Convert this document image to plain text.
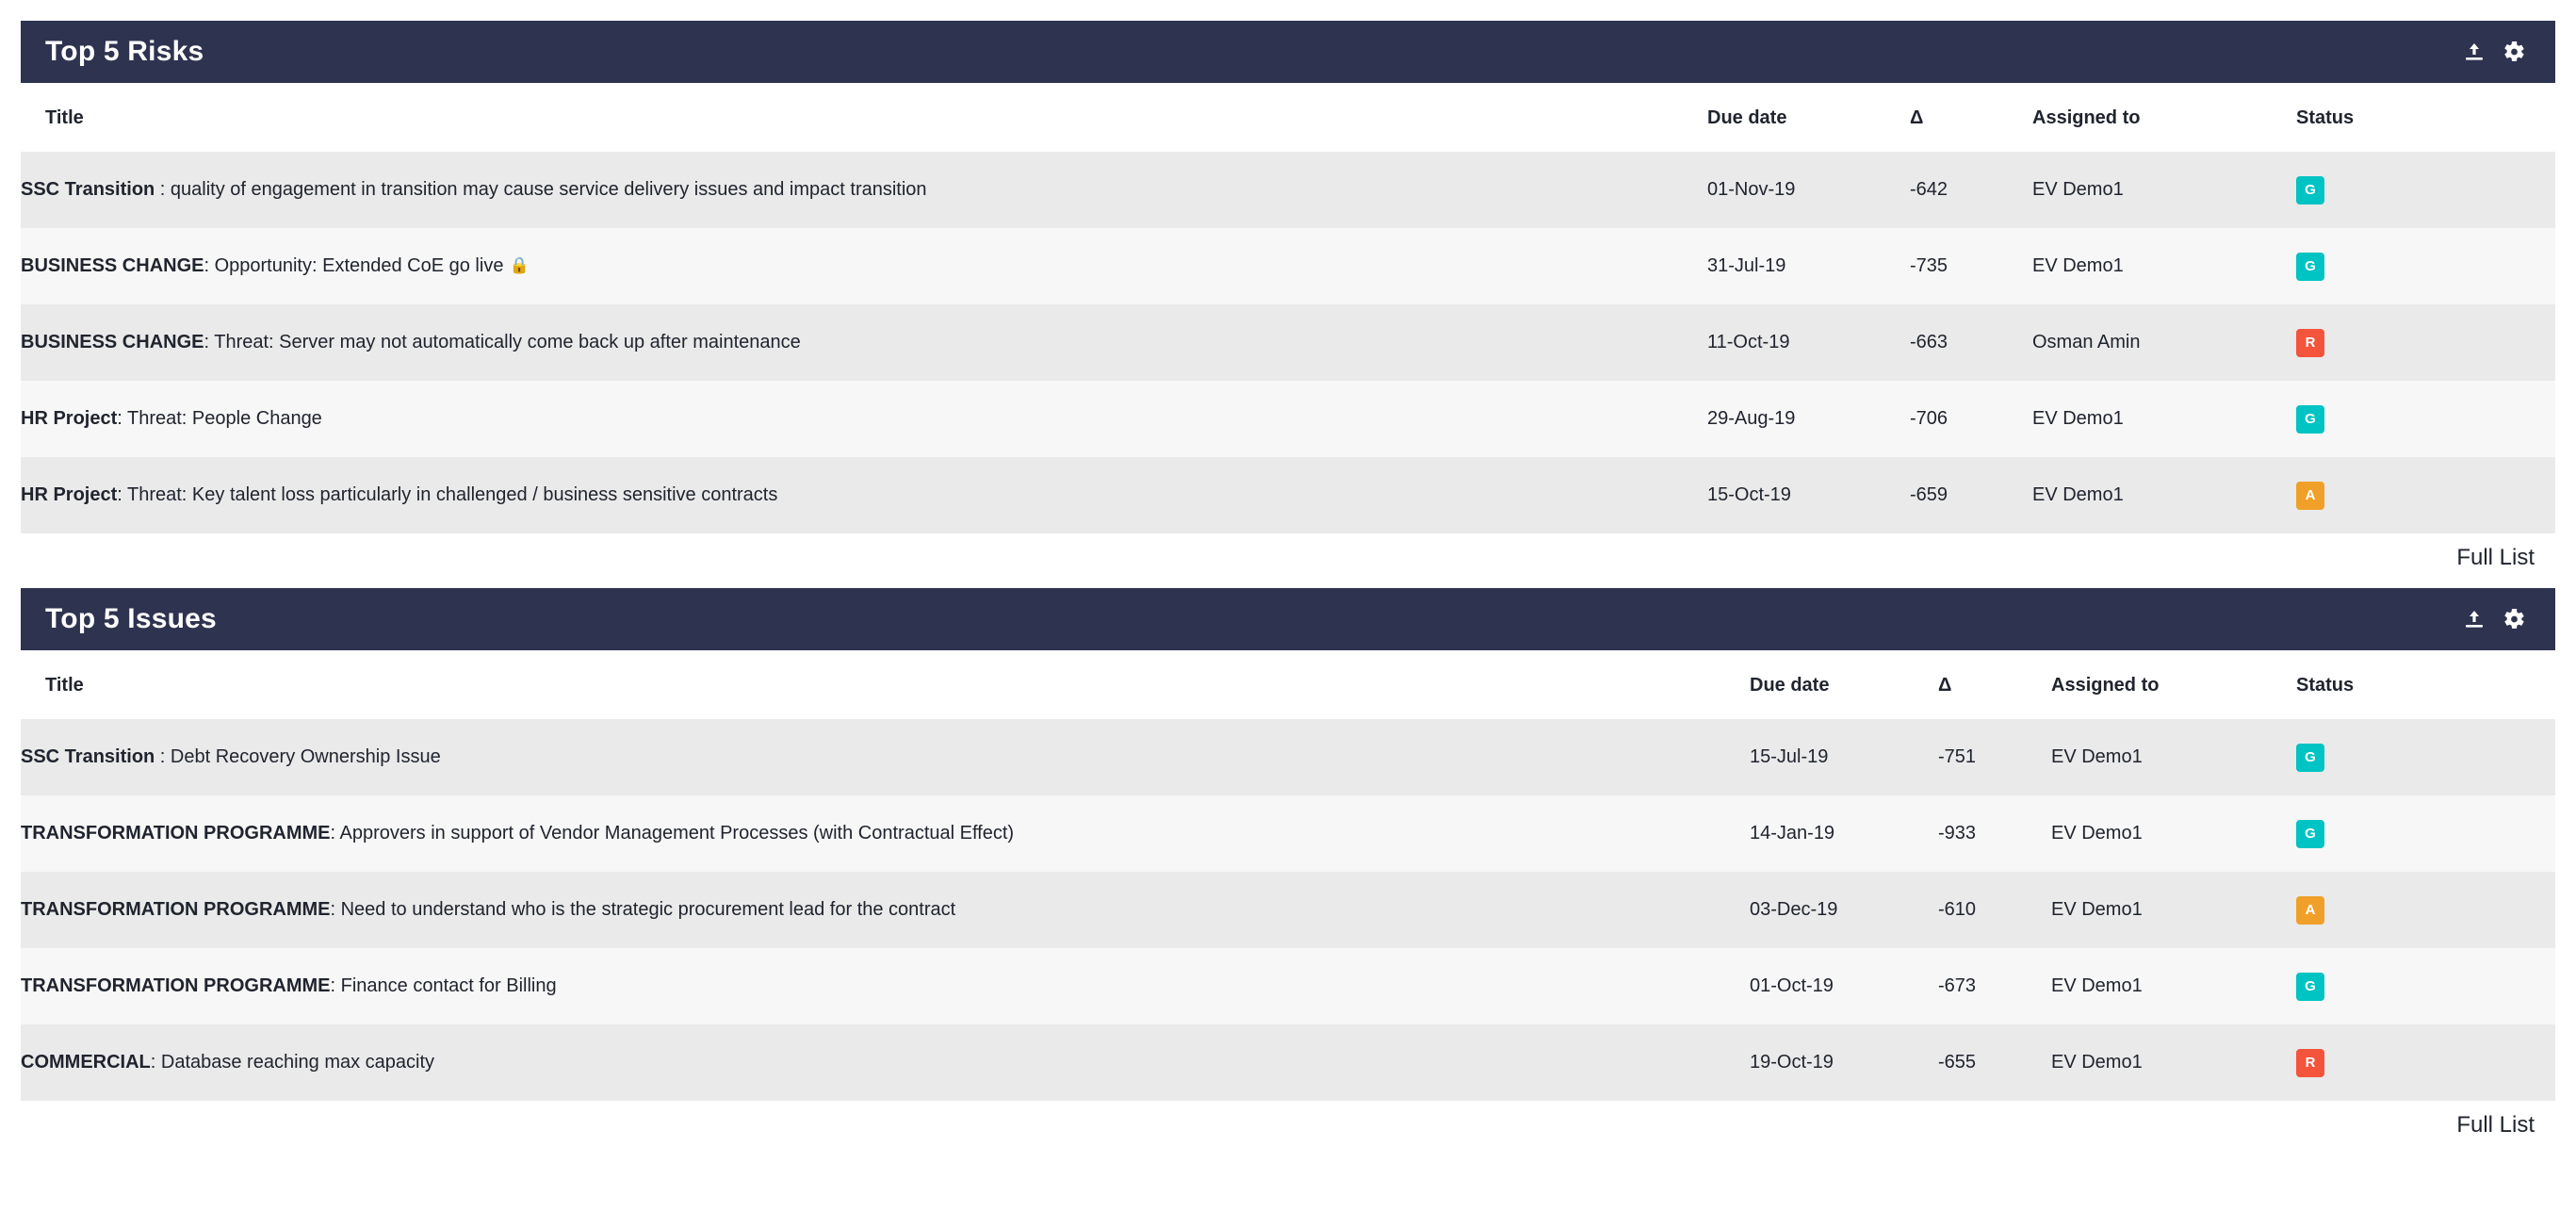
Top 5 Risks
Title	Due date	Δ	Assigned to	Status
SSC Transition : quality of engagement in transition may cause service delivery issues and impact transition	01-Nov-19	-642	EV Demo1	G
BUSINESS CHANGE: Opportunity: Extended CoE go live 🔒	31-Jul-19	-735	EV Demo1	G
BUSINESS CHANGE: Threat: Server may not automatically come back up after maintenance	11-Oct-19	-663	Osman Amin	R
HR Project: Threat: People Change	29-Aug-19	-706	EV Demo1	G
HR Project: Threat: Key talent loss particularly in challenged / business sensitive contracts	15-Oct-19	-659	EV Demo1	A
Full List
Top 5 Issues
Title	Due date	Δ	Assigned to	Status
SSC Transition : Debt Recovery Ownership Issue	15-Jul-19	-751	EV Demo1	G
TRANSFORMATION PROGRAMME: Approvers in support of Vendor Management Processes (with Contractual Effect)	14-Jan-19	-933	EV Demo1	G
TRANSFORMATION PROGRAMME: Need to understand who is the strategic procurement lead for the contract	03-Dec-19	-610	EV Demo1	A
TRANSFORMATION PROGRAMME: Finance contact for Billing	01-Oct-19	-673	EV Demo1	G
COMMERCIAL: Database reaching max capacity	19-Oct-19	-655	EV Demo1	R
Full List
